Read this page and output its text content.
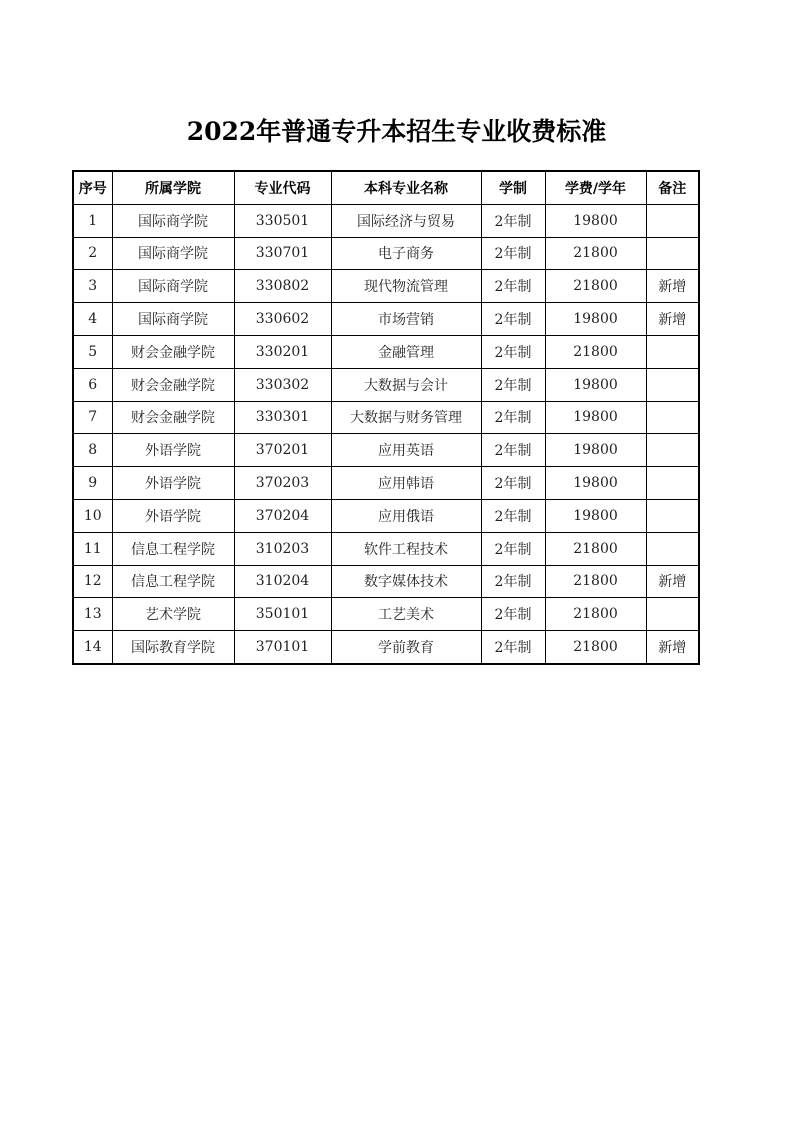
2022年普通专升本招生专业收费标准
序号	所属学院	专业代码	本科专业名称	学制	学费/学年	备注
1	国际商学院	330501	国际经济与贸易	2年制	19800	
2	国际商学院	330701	电子商务	2年制	21800	
3	国际商学院	330802	现代物流管理	2年制	21800	新增
4	国际商学院	330602	市场营销	2年制	19800	新增
5	财会金融学院	330201	金融管理	2年制	21800	
6	财会金融学院	330302	大数据与会计	2年制	19800	
7	财会金融学院	330301	大数据与财务管理	2年制	19800	
8	外语学院	370201	应用英语	2年制	19800	
9	外语学院	370203	应用韩语	2年制	19800	
10	外语学院	370204	应用俄语	2年制	19800	
11	信息工程学院	310203	软件工程技术	2年制	21800	
12	信息工程学院	310204	数字媒体技术	2年制	21800	新增
13	艺术学院	350101	工艺美术	2年制	21800	
14	国际教育学院	370101	学前教育	2年制	21800	新增
